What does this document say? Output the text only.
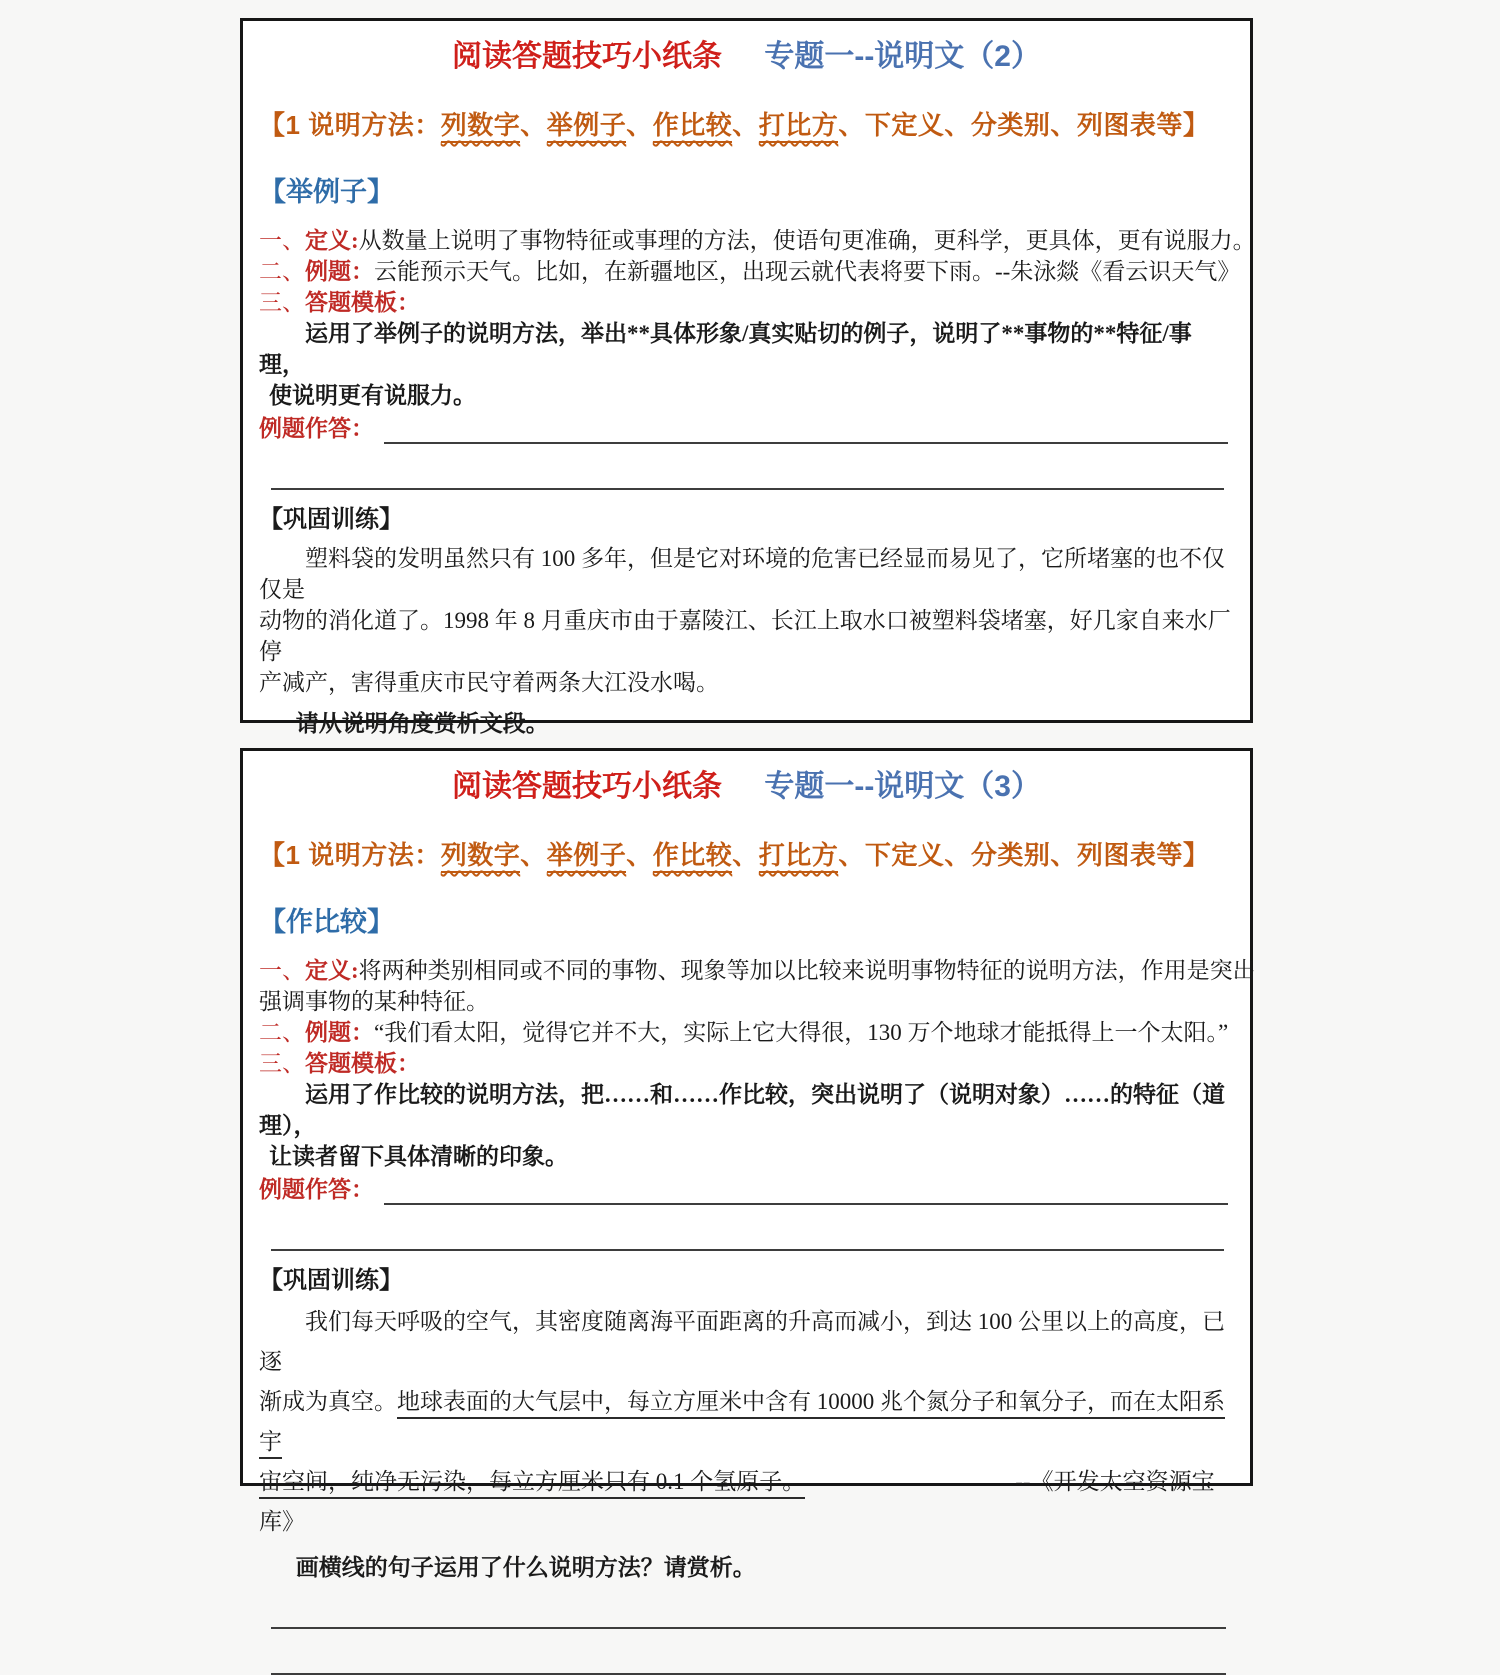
阅读答题技巧小纸条 专题一--说明文（2）
【1 说明方法：列数字、举例子、作比较、打比方、下定义、分类别、列图表等】
【举例子】
一、定义:从数量上说明了事物特征或事理的方法，使语句更准确，更科学，更具体，更有说服力。
二、例题：云能预示天气。比如，在新疆地区，出现云就代表将要下雨。--朱泳燚《看云识天气》
三、答题模板：
运用了举例子的说明方法，举出**具体形象/真实贴切的例子，说明了**事物的**特征/事理，
使说明更有说服力。
例题作答：
【巩固训练】
塑料袋的发明虽然只有 100 多年，但是它对环境的危害已经显而易见了，它所堵塞的也不仅仅是
动物的消化道了。1998 年 8 月重庆市由于嘉陵江、长江上取水口被塑料袋堵塞，好几家自来水厂停
产减产，害得重庆市民守着两条大江没水喝。
请从说明角度赏析文段。
阅读答题技巧小纸条 专题一--说明文（3）
【1 说明方法：列数字、举例子、作比较、打比方、下定义、分类别、列图表等】
【作比较】
一、定义:将两种类别相同或不同的事物、现象等加以比较来说明事物特征的说明方法，作用是突出
强调事物的某种特征。
二、例题：“我们看太阳，觉得它并不大，实际上它大得很，130 万个地球才能抵得上一个太阳。”
三、答题模板：
运用了作比较的说明方法，把……和……作比较，突出说明了（说明对象）……的特征（道理），
让读者留下具体清晰的印象。
例题作答：
【巩固训练】
我们每天呼吸的空气，其密度随离海平面距离的升高而减小，到达 100 公里以上的高度，已逐
渐成为真空。地球表面的大气层中，每立方厘米中含有 10000 兆个氮分子和氧分子，而在太阳系宇
宙空间，纯净无污染，每立方厘米只有 0.1 个氢原子。	--《开发太空资源宝库》
画横线的句子运用了什么说明方法？请赏析。
